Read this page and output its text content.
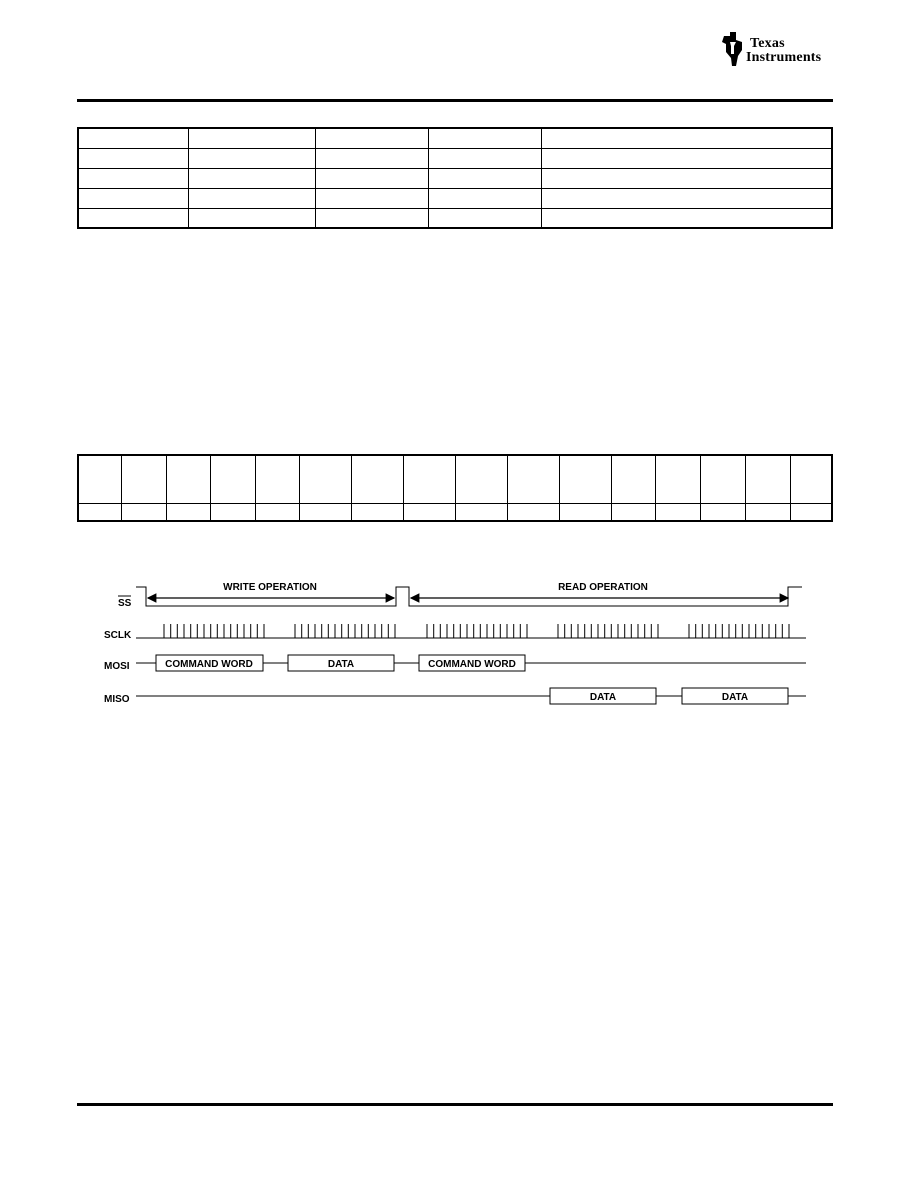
Texas
Instruments

SS
SCLK
MOSI
MISO
WRITE OPERATION	READ OPERATION
COMMAND WORD	DATA	COMMAND WORD
DATA	DATA
